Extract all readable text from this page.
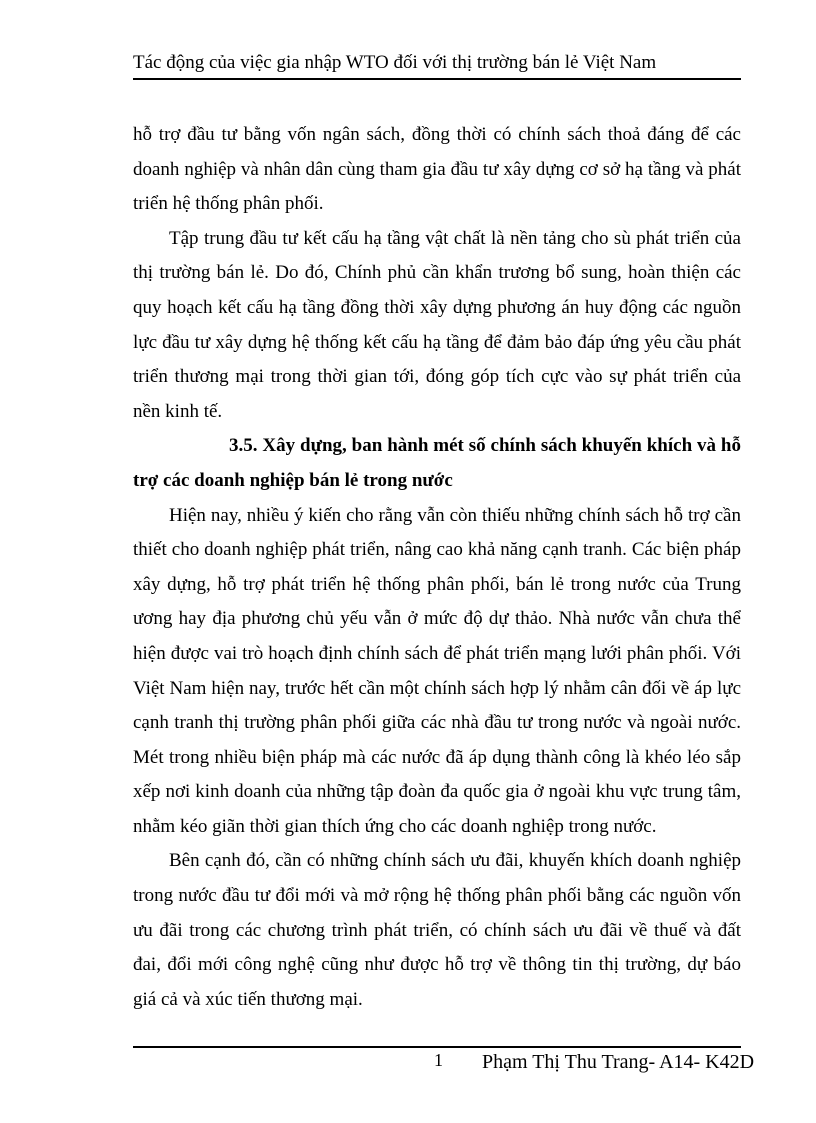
Tác động của việc gia nhập WTO đối với thị trường bán lẻ Việt Nam

hỗ trợ đầu tư bằng vốn ngân sách, đồng thời có chính sách thoả đáng để các doanh nghiệp và nhân dân cùng tham gia đầu tư xây dựng cơ sở hạ tầng và phát triển hệ thống phân phối.

Tập trung đầu tư kết cấu hạ tầng vật chất là nền tảng cho sù phát triển của thị trường bán lẻ. Do đó, Chính phủ cần khẩn trương bổ sung, hoàn thiện các quy hoạch kết cấu hạ tầng đồng thời xây dựng phương án huy động các nguồn lực đầu tư xây dựng hệ thống kết cấu hạ tầng để đảm bảo đáp ứng yêu cầu phát triển thương mại trong thời gian tới, đóng góp tích cực vào sự phát triển của nền kinh tế.

3.5. Xây dựng, ban hành mét số chính sách khuyến khích và hỗ trợ các doanh nghiệp bán lẻ trong nước

Hiện nay, nhiều ý kiến cho rằng vẫn còn thiếu những chính sách hỗ trợ cần thiết cho doanh nghiệp phát triển, nâng cao khả năng cạnh tranh. Các biện pháp xây dựng, hỗ trợ phát triển hệ thống phân phối, bán lẻ trong nước của Trung ương hay địa phương chủ yếu vẫn ở mức độ dự thảo. Nhà nước vẫn chưa thể hiện được vai trò hoạch định chính sách để phát triển mạng lưới phân phối. Với Việt Nam hiện nay, trước hết cần một chính sách hợp lý nhằm cân đối về áp lực cạnh tranh thị trường phân phối giữa các nhà đầu tư trong nước và ngoài nước. Mét trong nhiều biện pháp mà các nước đã áp dụng thành công là khéo léo sắp xếp nơi kinh doanh của những tập đoàn đa quốc gia ở ngoài khu vực trung tâm, nhằm kéo giãn thời gian thích ứng cho các doanh nghiệp trong nước.

Bên cạnh đó, cần có những chính sách ưu đãi, khuyến khích doanh nghiệp trong nước đầu tư đổi mới và mở rộng hệ thống phân phối bằng các nguồn vốn ưu đãi trong các chương trình phát triển, có chính sách ưu đãi về thuế và đất đai, đổi mới công nghệ cũng như được hỗ trợ về thông tin thị trường, dự báo giá cả và xúc tiến thương mại.

1 Phạm Thị Thu Trang- A14- K42D
